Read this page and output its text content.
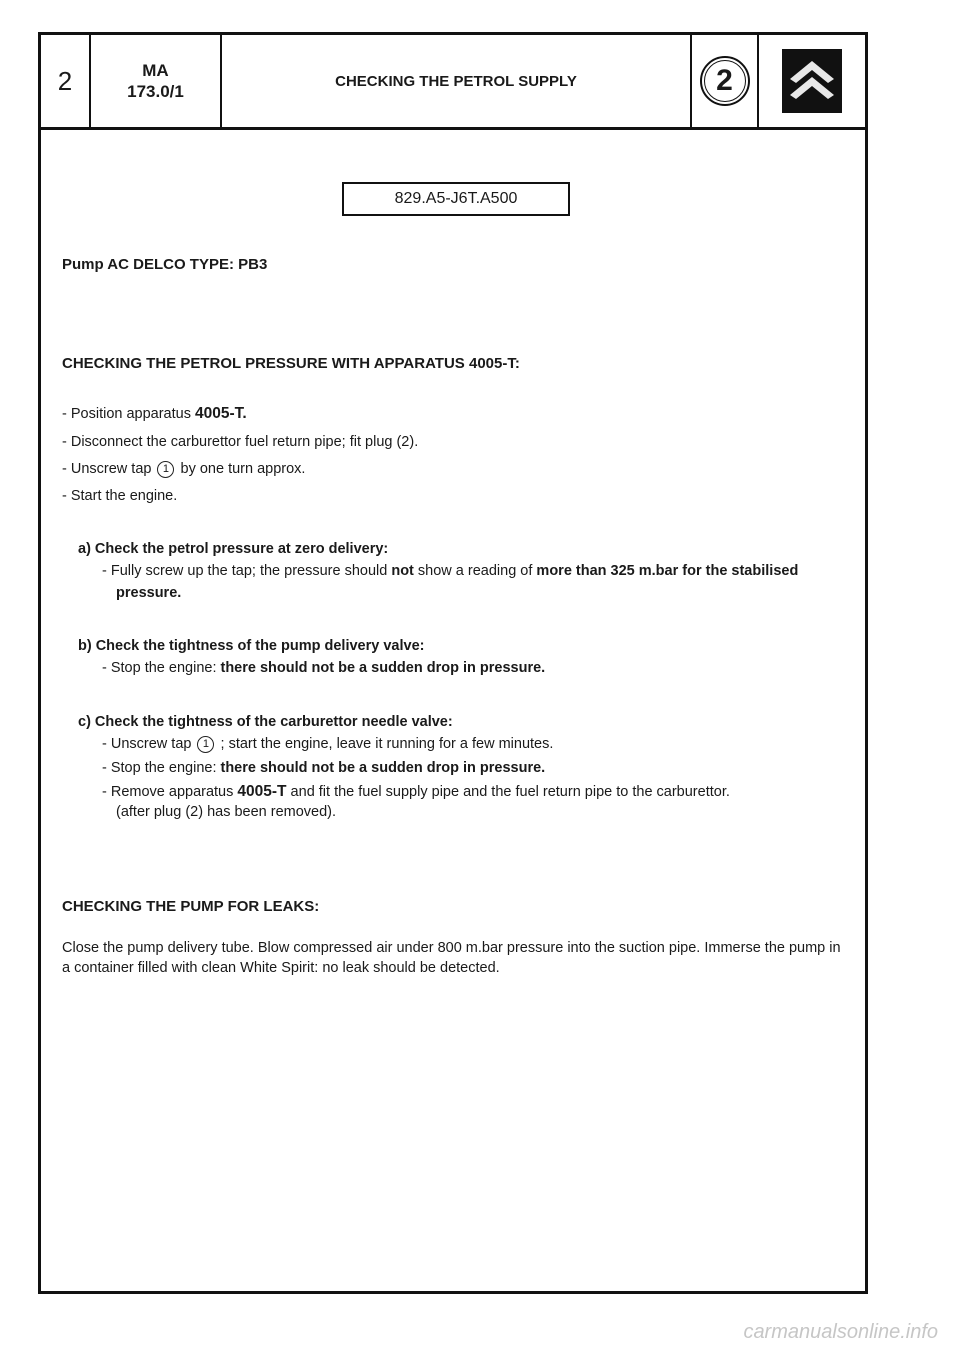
2	MA
173.0/1
CHECKING THE PETROL SUPPLY	2
829.A5-J6T.A500
Pump AC DELCO TYPE: PB3
CHECKING THE PETROL PRESSURE WITH APPARATUS 4005-T:
- Position apparatus 4005-T.
- Disconnect the carburettor fuel return pipe; fit plug (2).
- Unscrew tap 1 by one turn approx.
- Start the engine.
a) Check the petrol pressure at zero delivery:
- Fully screw up the tap; the pressure should not show a reading of more than 325 m.bar for the stabilised
pressure.
b) Check the tightness of the pump delivery valve:
- Stop the engine: there should not be a sudden drop in pressure.
c) Check the tightness of the carburettor needle valve:
- Unscrew tap 1 ; start the engine, leave it running for a few minutes.
- Stop the engine: there should not be a sudden drop in pressure.
- Remove apparatus 4005-T and fit the fuel supply pipe and the fuel return pipe to the carburettor.
(after plug (2) has been removed).
CHECKING THE PUMP FOR LEAKS:
Close the pump delivery tube. Blow compressed air under 800 m.bar pressure into the suction pipe. Immerse the pump in a container filled with clean White Spirit: no leak should be detected.
carmanualsonline.info
